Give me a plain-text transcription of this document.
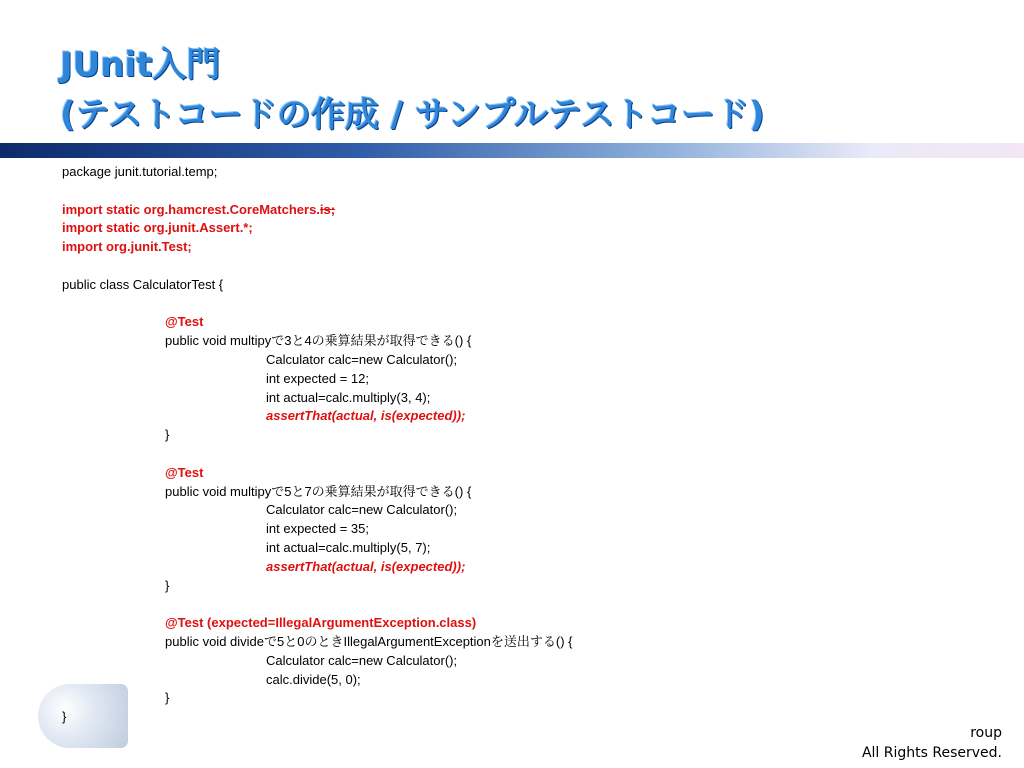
JUnit入門
(テストコードの作成 / サンプルテストコード)
package junit.tutorial.temp;
import static org.hamcrest.CoreMatchers.is;
import static org.junit.Assert.*;
import org.junit.Test;
public class CalculatorTest {
@Test
public void multipyで3と4の乗算結果が取得できる() {
Calculator calc=new Calculator();
int expected = 12;
int actual=calc.multiply(3, 4);
assertThat(actual, is(expected));
}
@Test
public void multipyで5と7の乗算結果が取得できる() {
Calculator calc=new Calculator();
int expected = 35;
int actual=calc.multiply(5, 7);
assertThat(actual, is(expected));
}
@Test (expected=IllegalArgumentException.class)
public void divideで5と0のときIllegalArgumentExceptionを送出する() {
Calculator calc=new Calculator();
calc.divide(5, 0);
}
}
roup
All Rights Reserved.
